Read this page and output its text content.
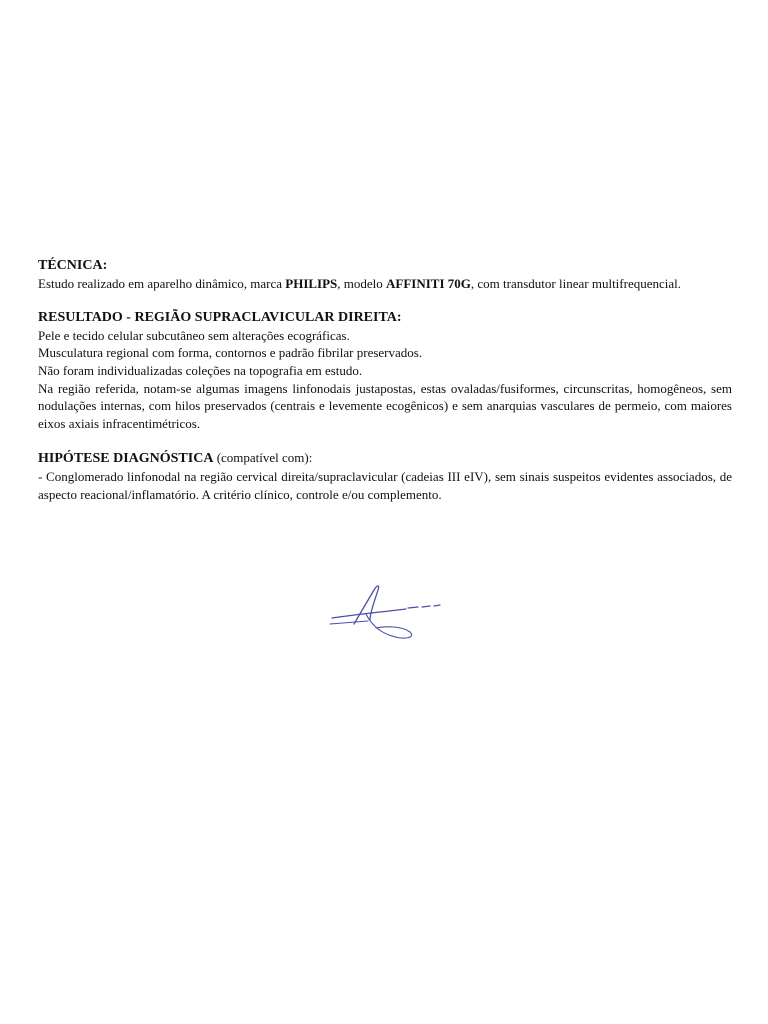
TÉCNICA:

Estudo realizado em aparelho dinâmico, marca PHILIPS, modelo AFFINITI 70G, com transdutor linear multifrequencial.

RESULTADO - REGIÃO SUPRACLAVICULAR DIREITA:

Pele e tecido celular subcutâneo sem alterações ecográficas.

Musculatura regional com forma, contornos e padrão fibrilar preservados.

Não foram individualizadas coleções na topografia em estudo.

Na região referida, notam-se algumas imagens linfonodais justapostas, estas ovaladas/fusiformes, circunscritas, homogêneos, sem nodulações internas, com hilos preservados (centrais e levemente ecogênicos) e sem anarquias vasculares de permeio, com maiores eixos axiais infracentimétricos.

HIPÓTESE DIAGNÓSTICA (compatível com):

- Conglomerado linfonodal na região cervical direita/supraclavicular (cadeias III eIV), sem sinais suspeitos evidentes associados, de aspecto reacional/inflamatório. A critério clínico, controle e/ou complemento.
